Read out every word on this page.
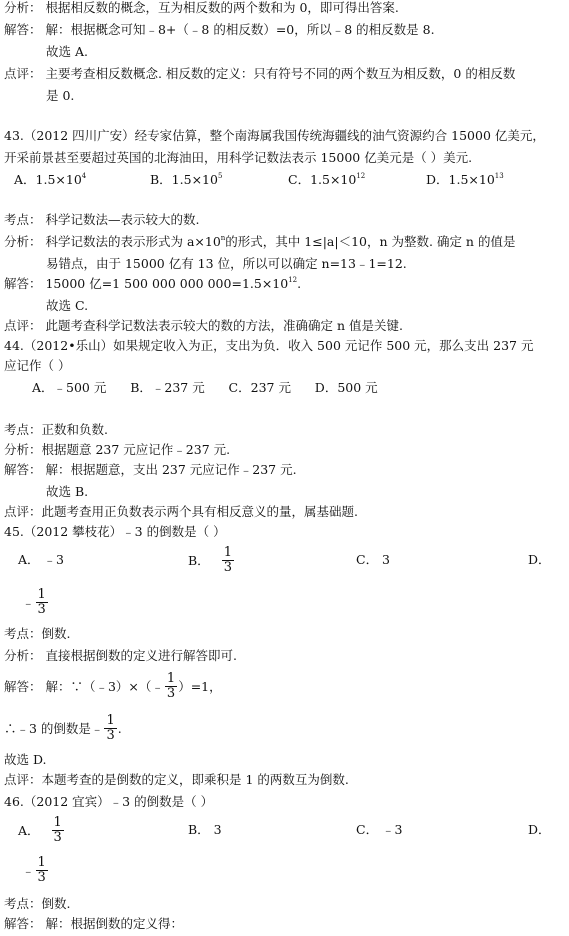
分析： 根据相反数的概念，互为相反数的两个数和为 0，即可得出答案.
解答： 解：根据概念可知﹣8+（﹣8 的相反数）=0，所以﹣8 的相反数是 8.
故选 A.
点评： 主要考查相反数概念. 相反数的定义：只有符号不同的两个数互为相反数，0 的相反数
是 0.
43.（2012 四川广安）经专家估算，整个南海属我国传统海疆线的油气资源约合 15000 亿美元，
开采前景甚至要超过英国的北海油田，用科学记数法表示 15000 亿美元是（ ）美元.
A．$1.5\times 10^4$	B．$1.5\times 10^5$	C．$1.5\times 10^{12}$	D．$1.5\times 10^{13}$
考点： 科学记数法—表示较大的数.
分析： 科学记数法的表示形式为 $a\times 10^n$的形式，其中 1≤|a|＜10，n 为整数. 确定 n 的值是
易错点，由于 15000 亿有 13 位，所以可以确定 n=13﹣1=12.
解答： 15000 亿=1 500 000 000 $000=1.5\times 10^{12}$.
故选 C.
点评： 此题考查科学记数法表示较大的数的方法，准确确定 n 值是关键.
44.（2012•乐山）如果规定收入为正，支出为负．收入 500 元记作 500 元，那么支出 237 元
应记作（ ）
A．﹣500 元      B．﹣237 元      C．237 元      D．500 元
考点：正数和负数.
分析：根据题意 237 元应记作﹣237 元.
解答： 解：根据题意，支出 237 元应记作﹣237 元.
故选 B.
点评：此题考查用正负数表示两个具有相反意义的量，属基础题.
45.（2012 攀枝花）﹣3 的倒数是（ ）
A． ﹣3	B． $\frac{1}{3}$	C． 3	D．
﹣ $\frac{1}{3}$
考点：倒数.
分析： 直接根据倒数的定义进行解答即可.
解答： 解：∵（﹣3）×（﹣ $\frac{1}{3} )=1$，
∴﹣3 的倒数是﹣ $\frac{1}{3}$ .
故选 D.
点评：本题考查的是倒数的定义，即乘积是 1 的两数互为倒数.
46.（2012 宜宾）﹣3 的倒数是（ ）
A． $\frac{1}{3}$	B． 3	C． ﹣3	D．
﹣ $\frac{1}{3}$
考点：倒数.
解答： 解：根据倒数的定义得：
